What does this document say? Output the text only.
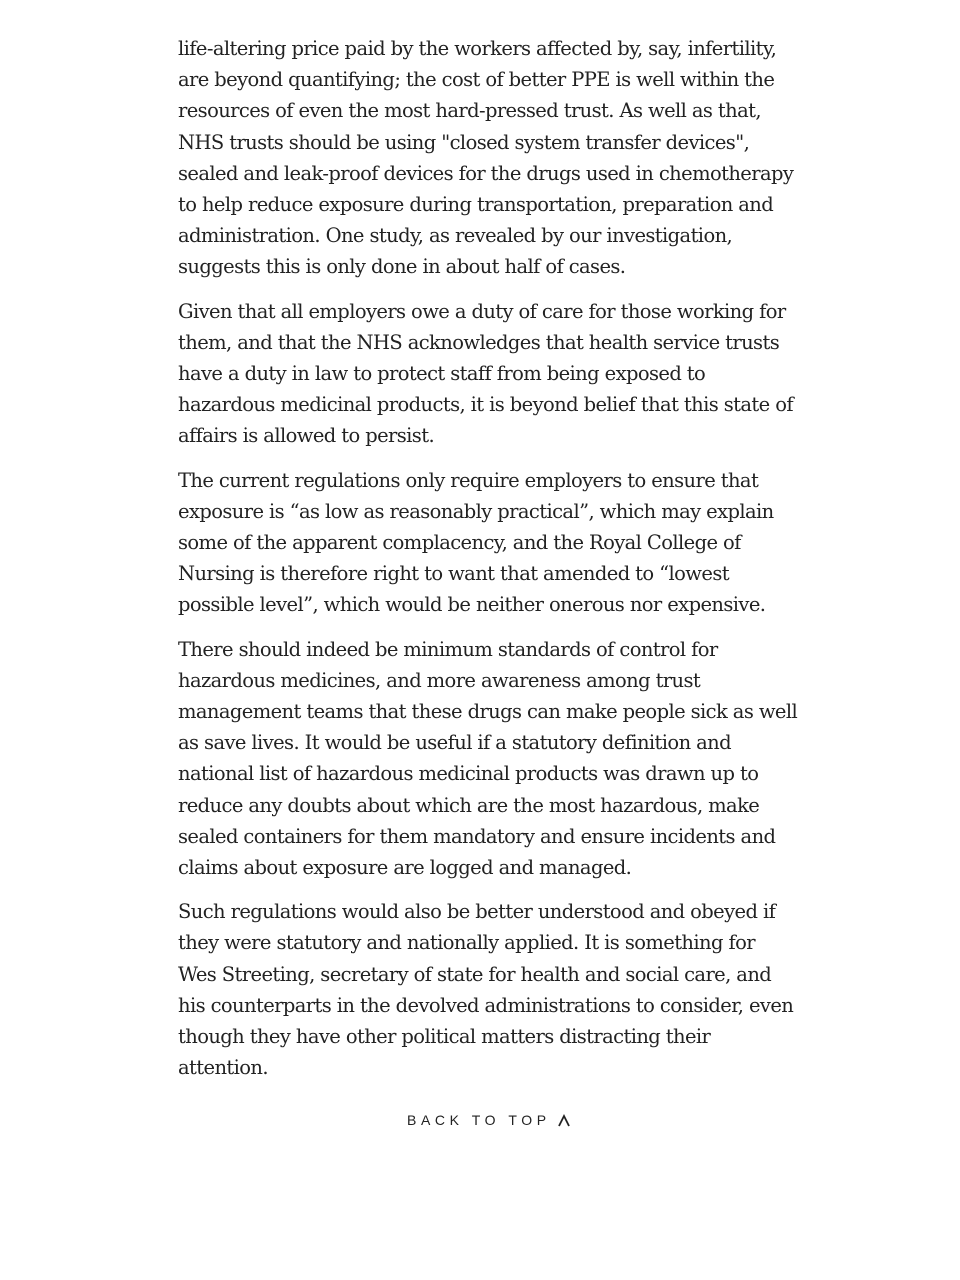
life-altering price paid by the workers affected by, say, infertility, are beyond quantifying; the cost of better PPE is well within the resources of even the most hard-pressed trust. As well as that, NHS trusts should be using "closed system transfer devices", sealed and leak-proof devices for the drugs used in chemotherapy to help reduce exposure during transportation, preparation and administration. One study, as revealed by our investigation, suggests this is only done in about half of cases.

Given that all employers owe a duty of care for those working for them, and that the NHS acknowledges that health service trusts have a duty in law to protect staff from being exposed to hazardous medicinal products, it is beyond belief that this state of affairs is allowed to persist.

The current regulations only require employers to ensure that exposure is “as low as reasonably practical”, which may explain some of the apparent complacency, and the Royal College of Nursing is therefore right to want that amended to “lowest possible level”, which would be neither onerous nor expensive.

There should indeed be minimum standards of control for hazardous medicines, and more awareness among trust management teams that these drugs can make people sick as well as save lives. It would be useful if a statutory definition and national list of hazardous medicinal products was drawn up to reduce any doubts about which are the most hazardous, make sealed containers for them mandatory and ensure incidents and claims about exposure are logged and managed.

Such regulations would also be better understood and obeyed if they were statutory and nationally applied. It is something for Wes Streeting, secretary of state for health and social care, and his counterparts in the devolved administrations to consider, even though they have other political matters distracting their attention.

BACK TO TOP
